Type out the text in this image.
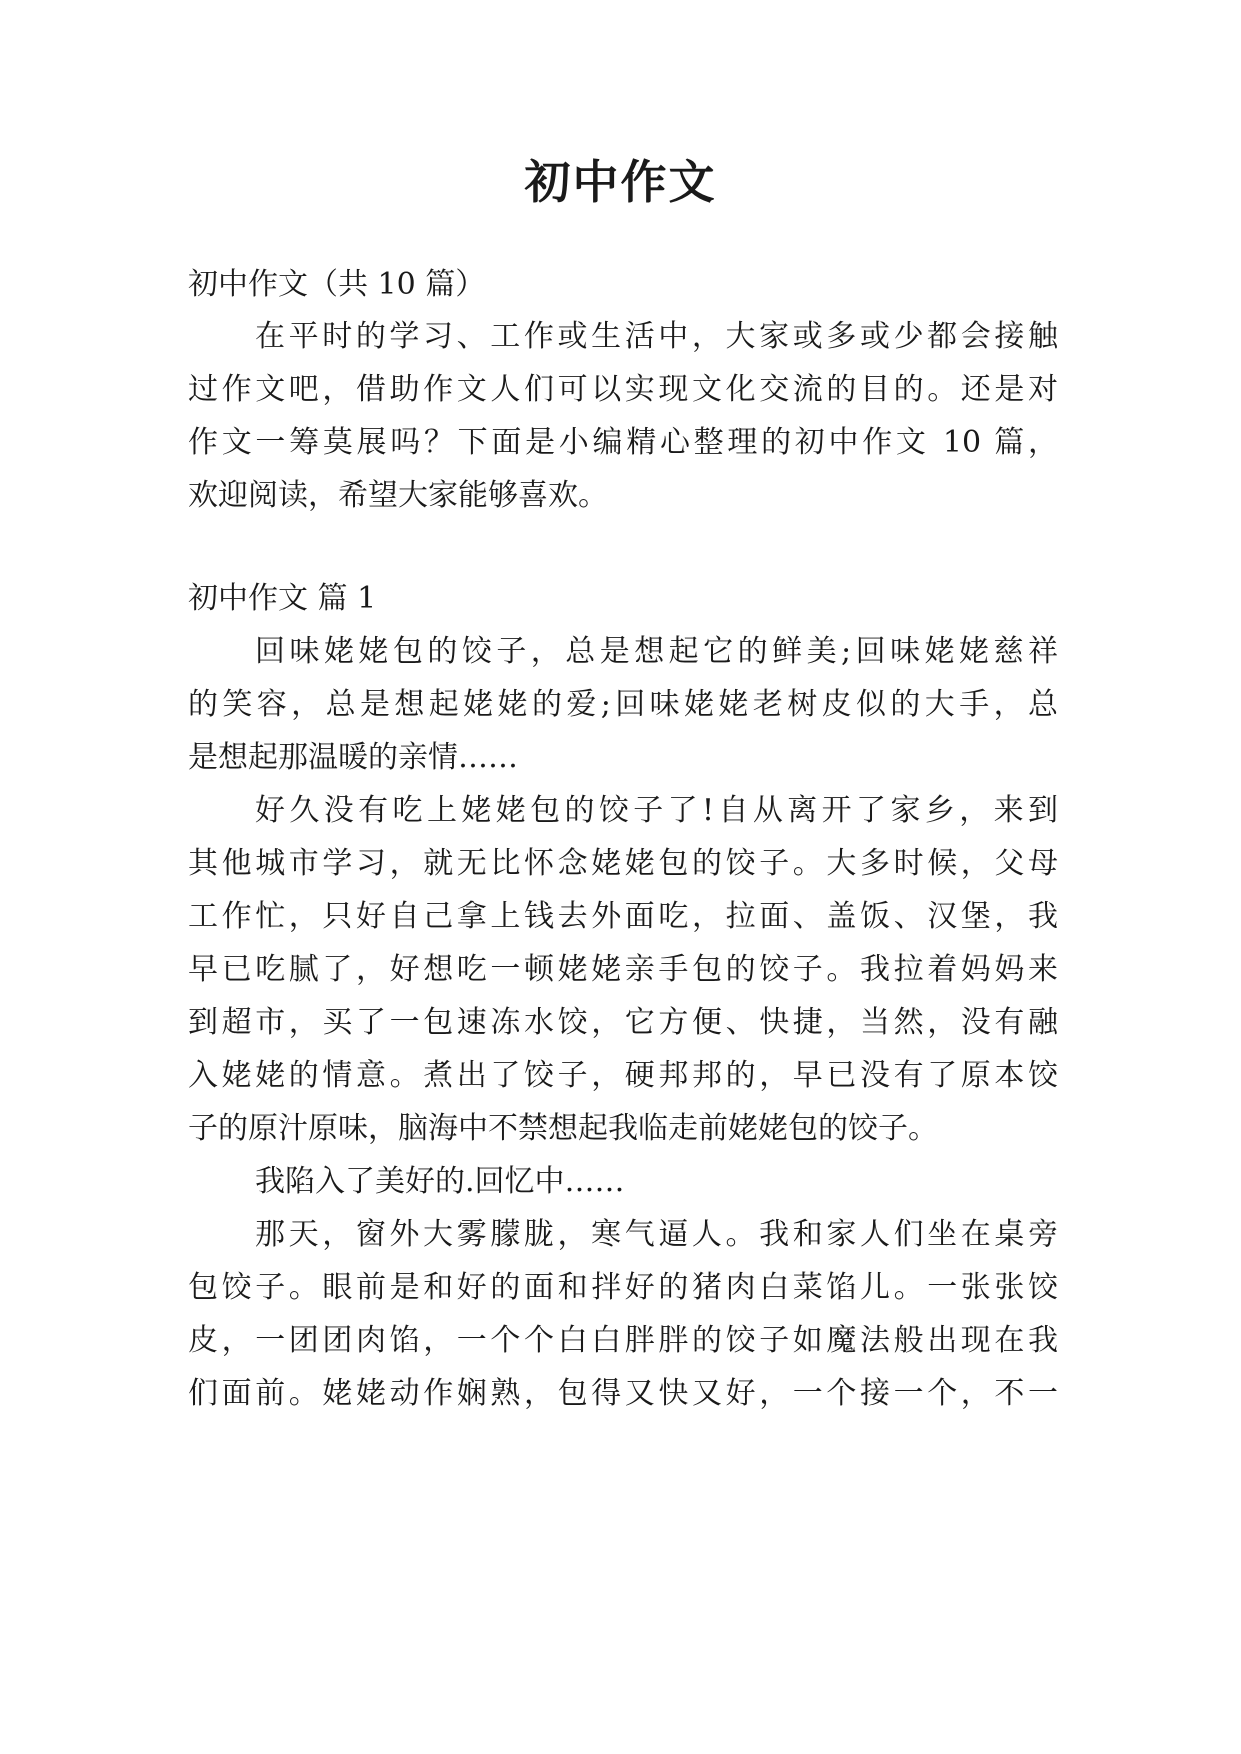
初中作文
初中作文（共 10 篇）
在平时的学习、工作或生活中，大家或多或少都会接触
过作文吧，借助作文人们可以实现文化交流的目的。还是对
作文一筹莫展吗？下面是小编精心整理的初中作文 10 篇，
欢迎阅读，希望大家能够喜欢。
初中作文 篇 1
回味姥姥包的饺子，总是想起它的鲜美;回味姥姥慈祥
的笑容，总是想起姥姥的爱;回味姥姥老树皮似的大手，总
是想起那温暖的亲情……
好久没有吃上姥姥包的饺子了!自从离开了家乡，来到
其他城市学习，就无比怀念姥姥包的饺子。大多时候，父母
工作忙，只好自己拿上钱去外面吃，拉面、盖饭、汉堡，我
早已吃腻了，好想吃一顿姥姥亲手包的饺子。我拉着妈妈来
到超市，买了一包速冻水饺，它方便、快捷，当然，没有融
入姥姥的情意。煮出了饺子，硬邦邦的，早已没有了原本饺
子的原汁原味，脑海中不禁想起我临走前姥姥包的饺子。
我陷入了美好的.回忆中……
那天，窗外大雾朦胧，寒气逼人。我和家人们坐在桌旁
包饺子。眼前是和好的面和拌好的猪肉白菜馅儿。一张张饺
皮，一团团肉馅，一个个白白胖胖的饺子如魔法般出现在我
们面前。姥姥动作娴熟，包得又快又好，一个接一个，不一
